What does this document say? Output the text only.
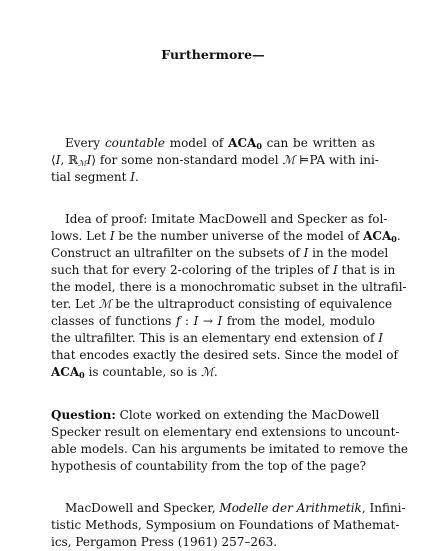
Furthermore—
Every countable model of $ACA_0$ can be written as
⟨I, ℝ$_ℳ$I⟩ for some non-standard model ℳ ⊨PA with ini-
tial segment I.
Idea of proof: Imitate MacDowell and Specker as fol-
lows. Let I be the number universe of the model of $ACA_0$.
Construct an ultrafilter on the subsets of I in the model
such that for every 2-coloring of the triples of I that is in
the model, there is a monochromatic subset in the ultrafil-
ter. Let ℳ be the ultraproduct consisting of equivalence
classes of functions f : I → I from the model, modulo
the ultrafilter. This is an elementary end extension of I
that encodes exactly the desired sets. Since the model of
$ACA_0$ is countable, so is ℳ.
Question: Clote worked on extending the MacDowell
Specker result on elementary end extensions to uncount-
able models. Can his arguments be imitated to remove the
hypothesis of countability from the top of the page?
MacDowell and Specker, Modelle der Arithmetik, Infini-
tistic Methods, Symposium on Foundations of Mathemat-
ics, Pergamon Press (1961) 257–263.
